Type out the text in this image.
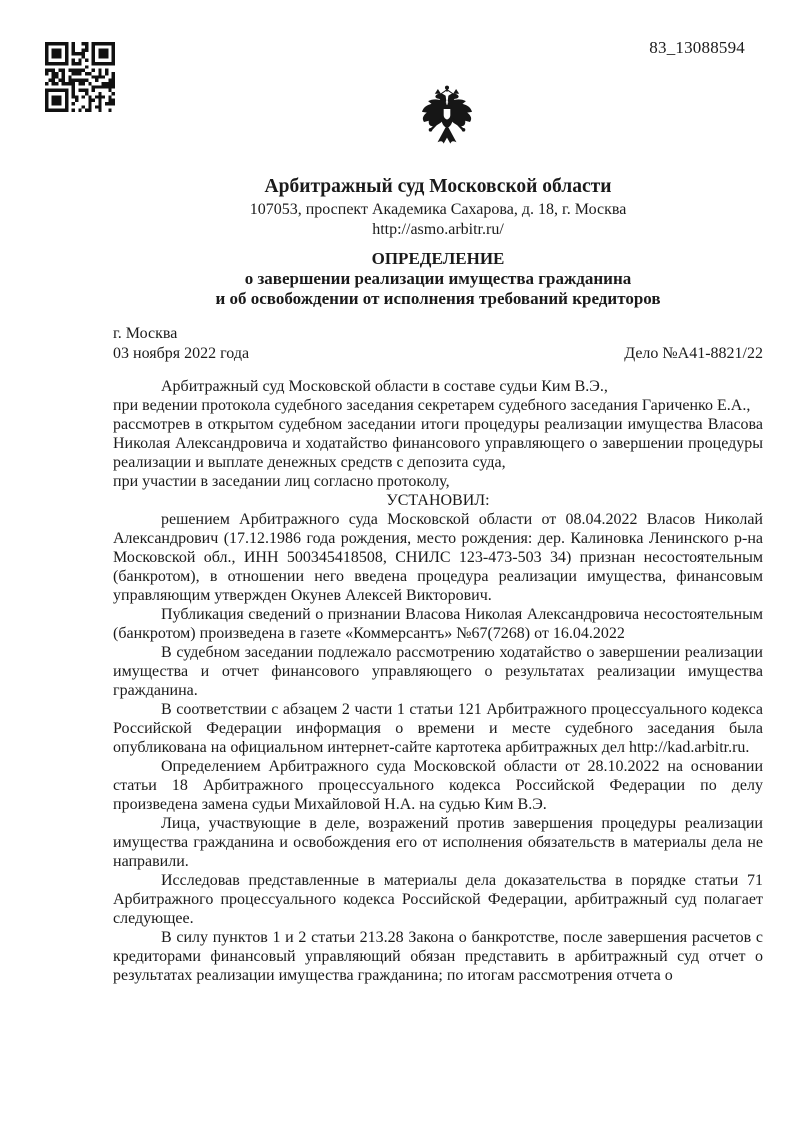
83_13088594
Арбитражный суд Московской области
107053, проспект Академика Сахарова, д. 18, г. Москва
http://asmo.arbitr.ru/
ОПРЕДЕЛЕНИЕ
о завершении реализации имущества гражданина
и об освобождении от исполнения требований кредиторов
г. Москва
03 ноября 2022 года	Дело №А41-8821/22

Арбитражный суд Московской области в составе судьи Ким В.Э.,

при ведении протокола судебного заседания секретарем судебного заседания Гариченко Е.А.,

рассмотрев в открытом судебном заседании итоги процедуры реализации имущества Власова Николая Александровича и ходатайство финансового управляющего о завершении процедуры реализации и выплате денежных средств с депозита суда,

при участии в заседании лиц согласно протоколу,

УСТАНОВИЛ:

решением Арбитражного суда Московской области от 08.04.2022 Власов Николай Александрович (17.12.1986 года рождения, место рождения: дер. Калиновка Ленинского р-на Московской обл., ИНН 500345418508, СНИЛС 123-473-503 34) признан несостоятельным (банкротом), в отношении него введена процедура реализации имущества, финансовым управляющим утвержден Окунев Алексей Викторович.

Публикация сведений о признании Власова Николая Александровича несостоятельным (банкротом) произведена в газете «Коммерсантъ» №67(7268) от 16.04.2022

В судебном заседании подлежало рассмотрению ходатайство о завершении реализации имущества и отчет финансового управляющего о результатах реализации имущества гражданина.

В соответствии с абзацем 2 части 1 статьи 121 Арбитражного процессуального кодекса Российской Федерации информация о времени и месте судебного заседания была опубликована на официальном интернет-сайте картотека арбитражных дел http://kad.arbitr.ru.

Определением Арбитражного суда Московской области от 28.10.2022 на основании статьи 18 Арбитражного процессуального кодекса Российской Федерации по делу произведена замена судьи Михайловой Н.А. на судью Ким В.Э.

Лица, участвующие в деле, возражений против завершения процедуры реализации имущества гражданина и освобождения его от исполнения обязательств в материалы дела не направили.

Исследовав представленные в материалы дела доказательства в порядке статьи 71 Арбитражного процессуального кодекса Российской Федерации, арбитражный суд полагает следующее.

В силу пунктов 1 и 2 статьи 213.28 Закона о банкротстве, после завершения расчетов с кредиторами финансовый управляющий обязан представить в арбитражный суд отчет о результатах реализации имущества гражданина; по итогам рассмотрения отчета о
